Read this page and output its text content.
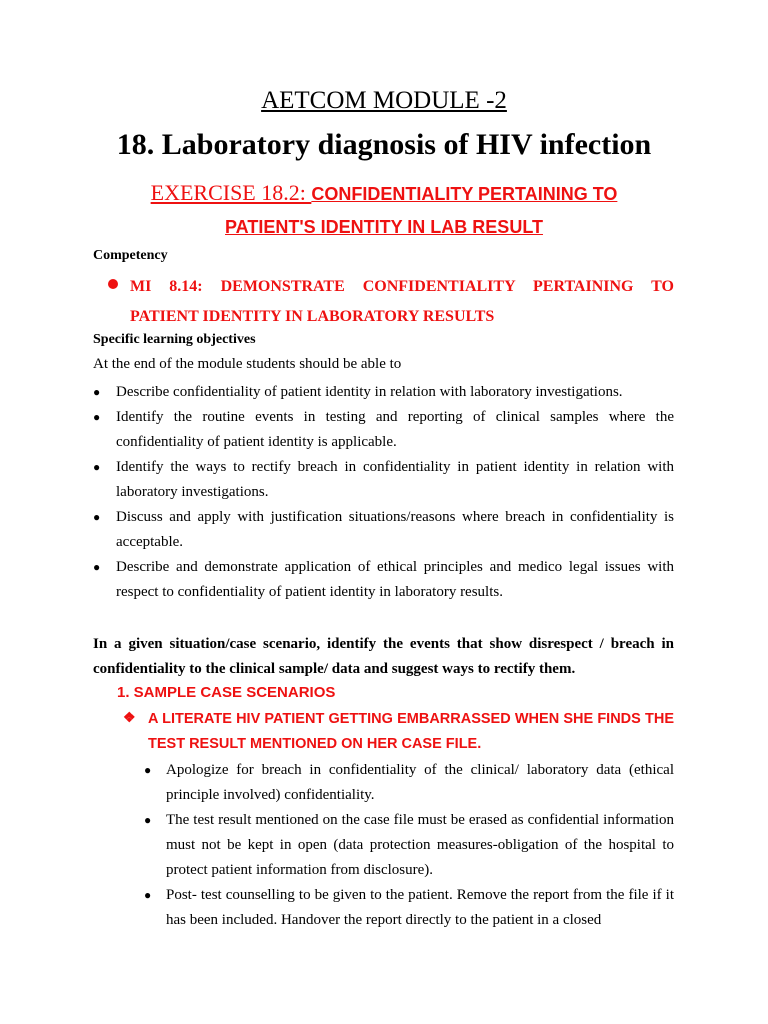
AETCOM MODULE -2
18. Laboratory diagnosis of HIV infection
EXERCISE 18.2: CONFIDENTIALITY PERTAINING TO
PATIENT'S IDENTITY IN LAB RESULT
Competency
MI 8.14: DEMONSTRATE CONFIDENTIALITY PERTAINING TO PATIENT IDENTITY IN LABORATORY RESULTS
Specific learning objectives
At the end of the module students should be able to
● Describe confidentiality of patient identity in relation with laboratory investigations.
● Identify the routine events in testing and reporting of clinical samples where the confidentiality of patient identity is applicable.
● Identify the ways to rectify breach in confidentiality in patient identity in relation with laboratory investigations.
● Discuss and apply with justification situations/reasons where breach in confidentiality is acceptable.
● Describe and demonstrate application of ethical principles and medico legal issues with respect to confidentiality of patient identity in laboratory results.
In a given situation/case scenario, identify the events that show disrespect / breach in confidentiality to the clinical sample/ data and suggest ways to rectify them.
1. SAMPLE CASE SCENARIOS
❖ A LITERATE HIV PATIENT GETTING EMBARRASSED WHEN SHE FINDS THE TEST RESULT MENTIONED ON HER CASE FILE.
● Apologize for breach in confidentiality of the clinical/ laboratory data (ethical principle involved) confidentiality.
● The test result mentioned on the case file must be erased as confidential information must not be kept in open (data protection measures-obligation of the hospital to protect patient information from disclosure).
● Post- test counselling to be given to the patient. Remove the report from the file if it has been included. Handover the report directly to the patient in a closed
